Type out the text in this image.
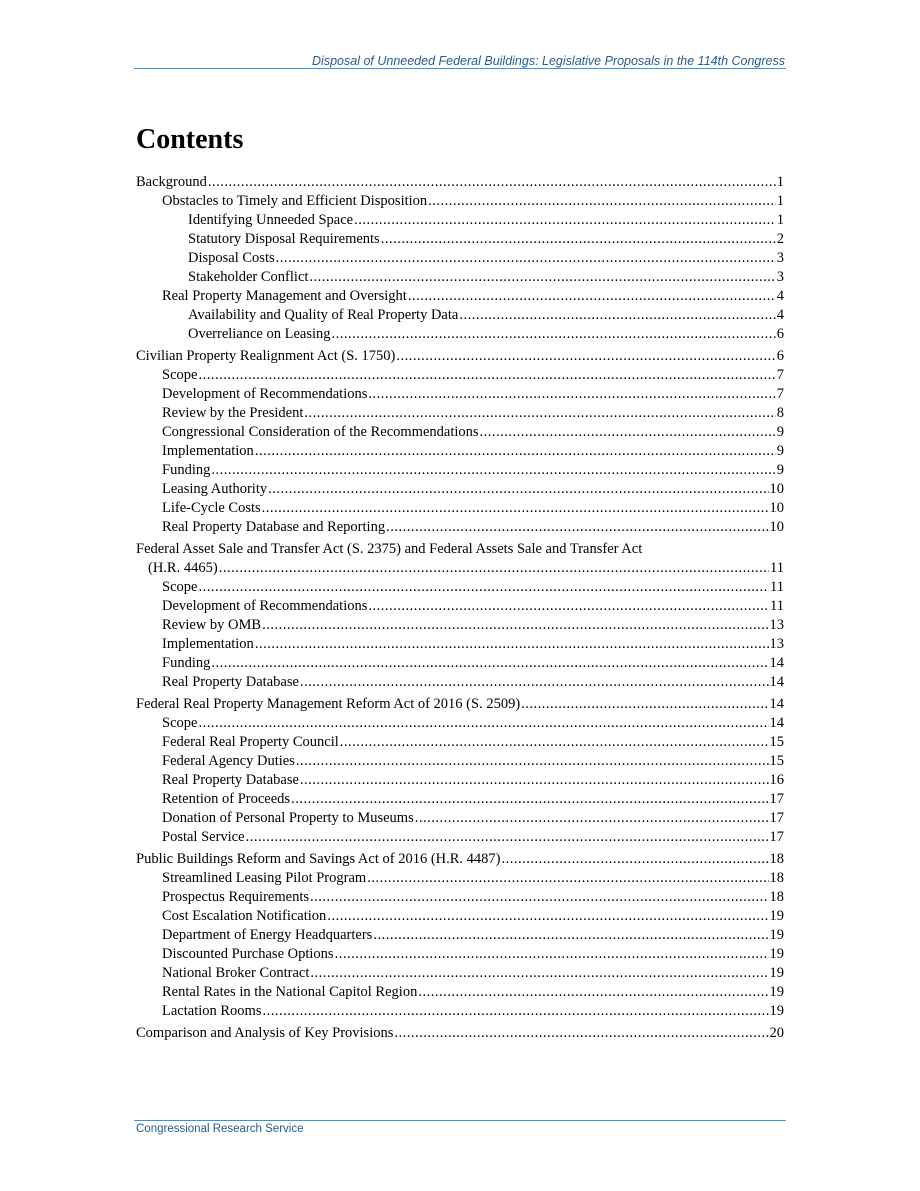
Disposal of Unneeded Federal Buildings: Legislative Proposals in the 114th Congress
Contents
Background .....	1
Obstacles to Timely and Efficient Disposition .....	1
Identifying Unneeded Space .....	1
Statutory Disposal Requirements .....	2
Disposal Costs .....	3
Stakeholder Conflict .....	3
Real Property Management and Oversight .....	4
Availability and Quality of Real Property Data .....	4
Overreliance on Leasing .....	6
Civilian Property Realignment Act (S. 1750) .....	6
Scope .....	7
Development of Recommendations .....	7
Review by the President .....	8
Congressional Consideration of the Recommendations .....	9
Implementation .....	9
Funding .....	9
Leasing Authority .....	10
Life-Cycle Costs .....	10
Real Property Database and Reporting .....	10
Federal Asset Sale and Transfer Act (S. 2375) and Federal Assets Sale and Transfer Act
(H.R. 4465) .....	11
Scope .....	11
Development of Recommendations .....	11
Review by OMB .....	13
Implementation .....	13
Funding .....	14
Real Property Database .....	14
Federal Real Property Management Reform Act of 2016 (S. 2509) .....	14
Scope .....	14
Federal Real Property Council .....	15
Federal Agency Duties .....	15
Real Property Database .....	16
Retention of Proceeds .....	17
Donation of Personal Property to Museums .....	17
Postal Service .....	17
Public Buildings Reform and Savings Act of 2016 (H.R. 4487) .....	18
Streamlined Leasing Pilot Program .....	18
Prospectus Requirements .....	18
Cost Escalation Notification .....	19
Department of Energy Headquarters .....	19
Discounted Purchase Options .....	19
National Broker Contract .....	19
Rental Rates in the National Capitol Region .....	19
Lactation Rooms .....	19
Comparison and Analysis of Key Provisions .....	20
Congressional Research Service
